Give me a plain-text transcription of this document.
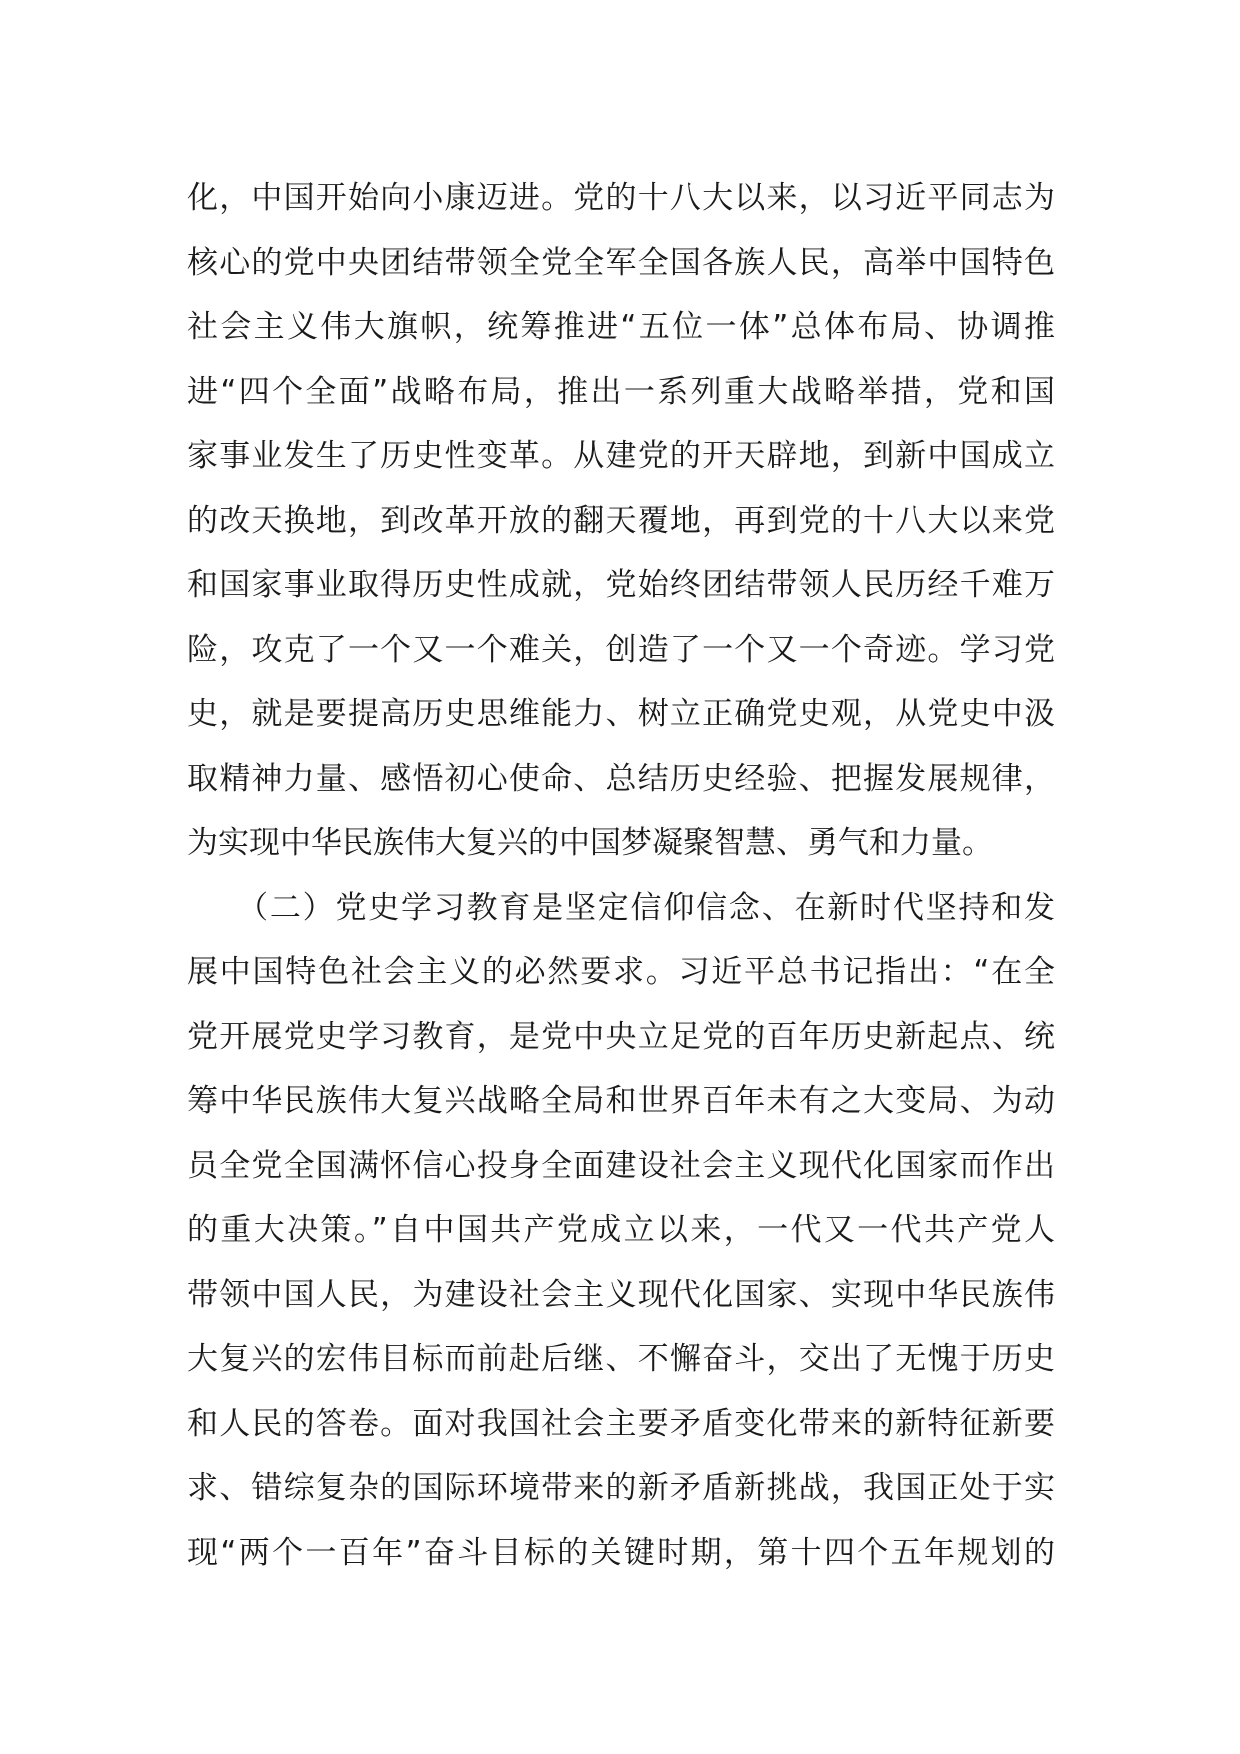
化，中国开始向小康迈进。党的十八大以来，以习近平同志为
核心的党中央团结带领全党全军全国各族人民，高举中国特色
社会主义伟大旗帜，统筹推进“五位一体”总体布局、协调推
进“四个全面”战略布局，推出一系列重大战略举措，党和国
家事业发生了历史性变革。从建党的开天辟地，到新中国成立
的改天换地，到改革开放的翻天覆地，再到党的十八大以来党
和国家事业取得历史性成就，党始终团结带领人民历经千难万
险，攻克了一个又一个难关，创造了一个又一个奇迹。学习党
史，就是要提高历史思维能力、树立正确党史观，从党史中汲
取精神力量、感悟初心使命、总结历史经验、把握发展规律，
为实现中华民族伟大复兴的中国梦凝聚智慧、勇气和力量。
　　（二）党史学习教育是坚定信仰信念、在新时代坚持和发
展中国特色社会主义的必然要求。习近平总书记指出：“在全
党开展党史学习教育，是党中央立足党的百年历史新起点、统
筹中华民族伟大复兴战略全局和世界百年未有之大变局、为动
员全党全国满怀信心投身全面建设社会主义现代化国家而作出
的重大决策。”自中国共产党成立以来，一代又一代共产党人
带领中国人民，为建设社会主义现代化国家、实现中华民族伟
大复兴的宏伟目标而前赴后继、不懈奋斗，交出了无愧于历史
和人民的答卷。面对我国社会主要矛盾变化带来的新特征新要
求、错综复杂的国际环境带来的新矛盾新挑战，我国正处于实
现“两个一百年”奋斗目标的关键时期，第十四个五年规划的
